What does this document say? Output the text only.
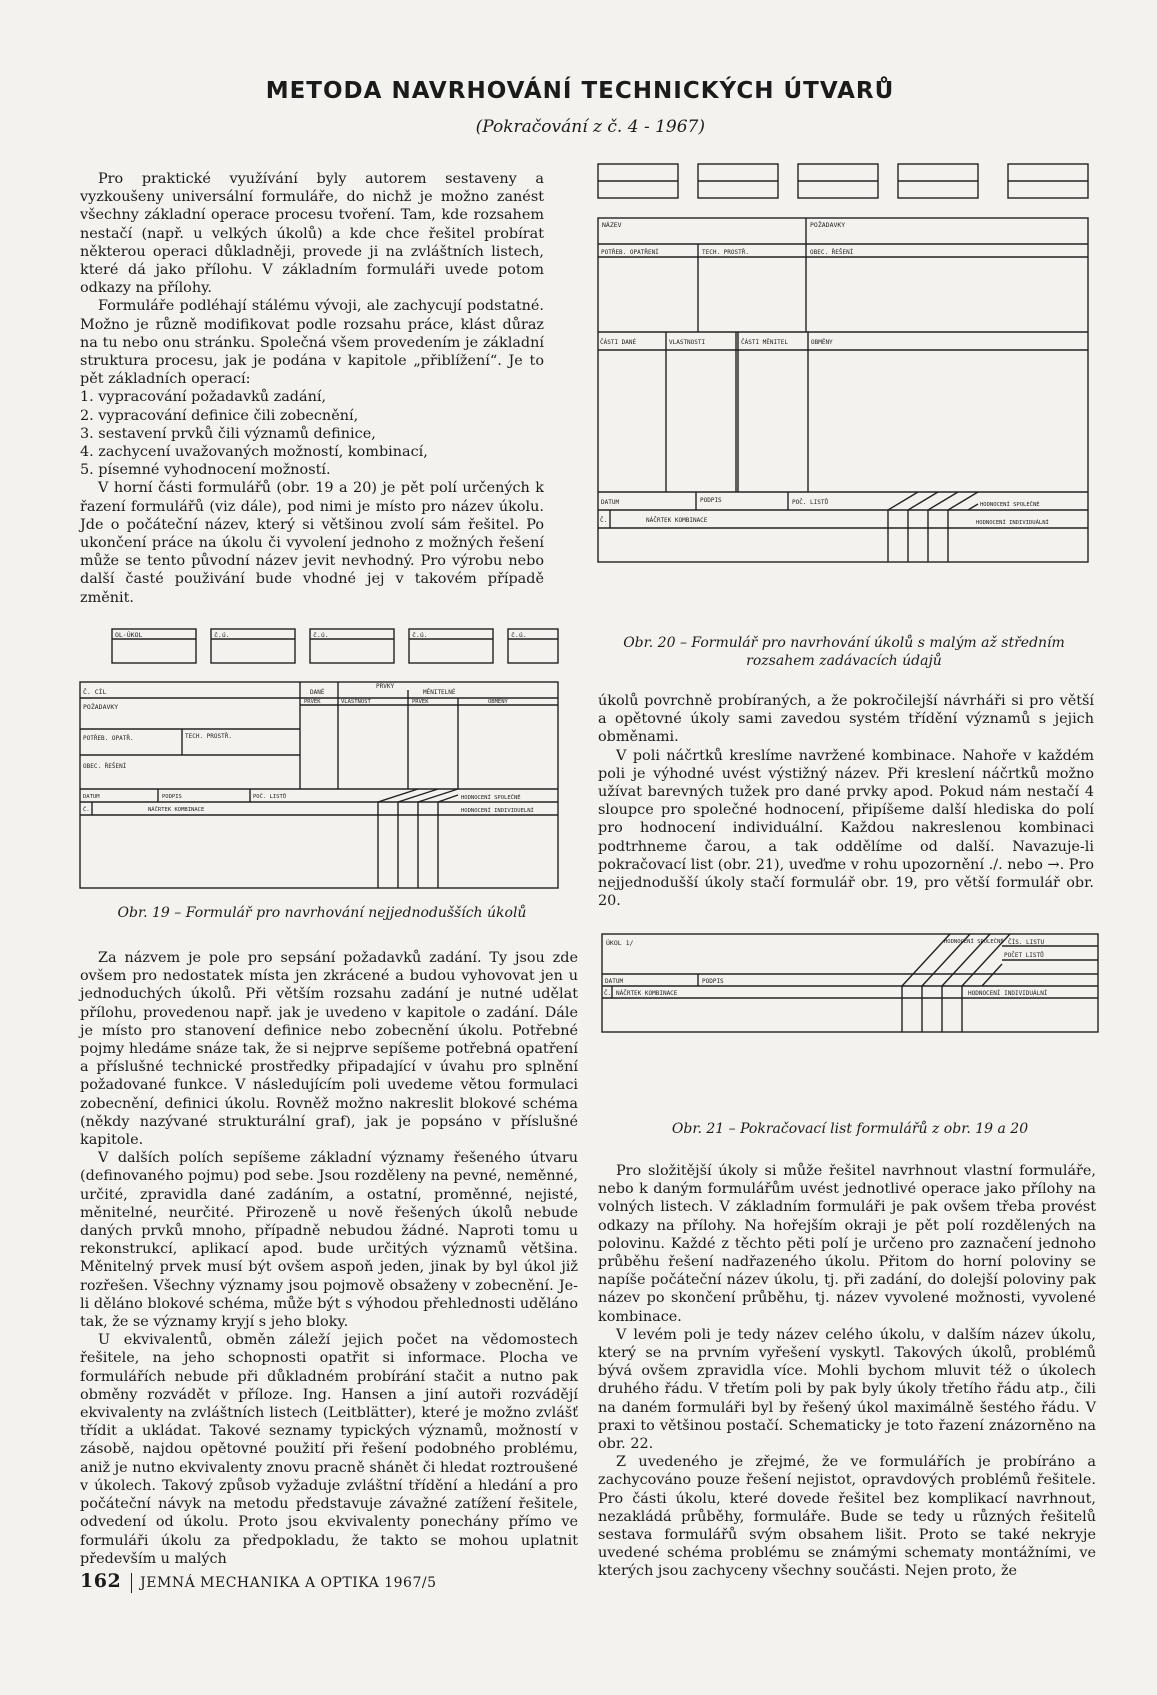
METODA NAVRHOVÁNÍ TECHNICKÝCH ÚTVARŮ
(Pokračování z č. 4 - 1967)

Pro praktické využívání byly autorem sestaveny a vyzkoušeny universální formuláře, do nichž je možno zanést všechny základní operace procesu tvoření. Tam, kde rozsahem nestačí (např. u velkých úkolů) a kde chce řešitel probírat některou operaci důkladněji, provede ji na zvláštních listech, které dá jako přílohu. V základním formuláři uvede potom odkazy na přílohy.

Formuláře podléhají stálému vývoji, ale zachycují podstatné. Možno je různě modifikovat podle rozsahu práce, klást důraz na tu nebo onu stránku. Společná všem provedením je základní struktura procesu, jak je podána v kapitole „přiblížení“. Je to pět základních operací:

1. vypracování požadavků zadání,
2. vypracování definice čili zobecnění,
3. sestavení prvků čili významů definice,
4. zachycení uvažovaných možností, kombinací,
5. písemné vyhodnocení možností.

V horní části formulářů (obr. 19 a 20) je pět polí určených k řazení formulářů (viz dále), pod nimi je místo pro název úkolu. Jde o počáteční název, který si většinou zvolí sám řešitel. Po ukončení práce na úkolu či vyvolení jednoho z možných řešení může se tento původní název jevit nevhodný. Pro výrobu nebo další časté použivání bude vhodné jej v takovém případě změnit.

OL·ÚKOL	č.ú.	č.ú.	č.ú.	č.ú.
Č. CÍL
POŽADAVKY
DANÉ
PRVKY
MĚNITELNÉ
PRVEK	VLASTNOST	PRVEK	OBMĚNY
POTŘEB. OPATŘ.	TECH. PROSTŘ.
OBEC. ŘEŠENÍ
DATUM	PODPIS	POČ. LISTŮ
Č.	NÁČRTEK KOMBINACE
HODNOCENÍ SPOLEČNÉ
HODNOCENÍ INDIVIDUELNÍ
Obr. 19 – Formulář pro navrhování nejjednodušších úkolů

Za názvem je pole pro sepsání požadavků zadání. Ty jsou zde ovšem pro nedostatek místa jen zkrácené a budou vyhovovat jen u jednoduchých úkolů. Při větším rozsahu zadání je nutné udělat přílohu, provedenou např. jak je uvedeno v kapitole o zadání. Dále je místo pro stanovení definice nebo zobecnění úkolu. Potřebné pojmy hledáme snáze tak, že si nejprve sepíšeme potřebná opatření a příslušné technické prostředky připadající v úvahu pro splnění požadované funkce. V následujícím poli uvedeme větou formulaci zobecnění, definici úkolu. Rovněž možno nakreslit blokové schéma (někdy nazývané strukturální graf), jak je popsáno v příslušné kapitole.

V dalších polích sepíšeme základní významy řešeného útvaru (definovaného pojmu) pod sebe. Jsou rozděleny na pevné, neměnné, určité, zpravidla dané zadáním, a ostatní, proměnné, nejisté, měnitelné, neurčité. Přirozeně u nově řešených úkolů nebude daných prvků mnoho, případně nebudou žádné. Naproti tomu u rekonstrukcí, aplikací apod. bude určitých významů většina. Měnitelný prvek musí být ovšem aspoň jeden, jinak by byl úkol již rozřešen. Všechny významy jsou pojmově obsaženy v zobecnění. Je-li děláno blokové schéma, může být s výhodou přehlednosti uděláno tak, že se významy kryjí s jeho bloky.

U ekvivalentů, obměn záleží jejich počet na vědomostech řešitele, na jeho schopnosti opatřit si informace. Plocha ve formulářích nebude při důkladném probírání stačit a nutno pak obměny rozvádět v příloze. Ing. Hansen a jiní autoři rozvádějí ekvivalenty na zvláštních listech (Leitblätter), které je možno zvlášť třídit a ukládat. Takové seznamy typických významů, možností v zásobě, najdou opětovné použití při řešení podobného problému, aniž je nutno ekvivalenty znovu pracně shánět či hledat roztroušené v úkolech. Takový způsob vyžaduje zvláštní třídění a hledání a pro počáteční návyk na metodu představuje závažné zatížení řešitele, odvedení od úkolu. Proto jsou ekvivalenty ponechány přímo ve formuláři úkolu za předpokladu, že takto se mohou uplatnit především u malých

NÁZEV	POŽADAVKY
POTŘEB. OPATŘENÍ	TECH. PROSTŘ.	OBEC. ŘEŠENÍ
ČÁSTI DANÉ	VLASTNOSTI	ČÁSTI MĚNITEL	OBMĚNY
DATUM	PODPIS	POČ. LISTŮ
Č.	NÁČRTEK KOMBINACE
HODNOCENÍ SPOLEČNÉ
HODNOCENÍ INDIVIDUÁLNÍ
Obr. 20 – Formulář pro navrhování úkolů s malým až středním rozsahem zadávacích údajů

úkolů povrchně probíraných, a že pokročilejší návrháři si pro větší a opětovné úkoly sami zavedou systém třídění významů s jejich obměnami.

V poli náčrtků kreslíme navržené kombinace. Nahoře v každém poli je výhodné uvést výstižný název. Při kreslení náčrtků možno užívat barevných tužek pro dané prvky apod. Pokud nám nestačí 4 sloupce pro společné hodnocení, připíšeme další hlediska do polí pro hodnocení individuální. Každou nakreslenou kombinaci podtrhneme čarou, a tak oddělíme od další. Navazuje-li pokračovací list (obr. 21), uveďme v rohu upozornění ./. nebo →. Pro nejjednodušší úkoly stačí formulář obr. 19, pro větší formulář obr. 20.

ÚKOL 1/	HODNOCENÍ SPOLEČNÉ ČÍS. LISTU
POČET LISTŮ
DATUM	PODPIS
Č. NÁČRTEK KOMBINACE	HODNOCENÍ INDIVIDUÁLNÍ
Obr. 21 – Pokračovací list formulářů z obr. 19 a 20

Pro složitější úkoly si může řešitel navrhnout vlastní formuláře, nebo k daným formulářům uvést jednotlivé operace jako přílohy na volných listech. V základním formuláři je pak ovšem třeba provést odkazy na přílohy. Na hořejším okraji je pět polí rozdělených na polovinu. Každé z těchto pěti polí je určeno pro zaznačení jednoho průběhu řešení nadřazeného úkolu. Přitom do horní poloviny se napíše počáteční název úkolu, tj. při zadání, do dolejší poloviny pak název po skončení průběhu, tj. název vyvolené možnosti, vyvolené kombinace.

V levém poli je tedy název celého úkolu, v dalším název úkolu, který se na prvním vyřešení vyskytl. Takových úkolů, problémů bývá ovšem zpravidla více. Mohli bychom mluvit též o úkolech druhého řádu. V třetím poli by pak byly úkoly třetího řádu atp., čili na daném formuláři byl by řešený úkol maximálně šestého řádu. V praxi to většinou postačí. Schematicky je toto řazení znázorněno na obr. 22.

Z uvedeného je zřejmé, že ve formulářích je probíráno a zachycováno pouze řešení nejistot, opravdových problémů řešitele. Pro části úkolu, které dovede řešitel bez komplikací navrhnout, nezakládá průběhy, formuláře. Bude se tedy u různých řešitelů sestava formulářů svým obsahem lišit. Proto se také nekryje uvedené schéma problému se známými schematy montážními, ve kterých jsou zachyceny všechny součásti. Nejen proto, že

162 JEMNÁ MECHANIKA A OPTIKA 1967/5
